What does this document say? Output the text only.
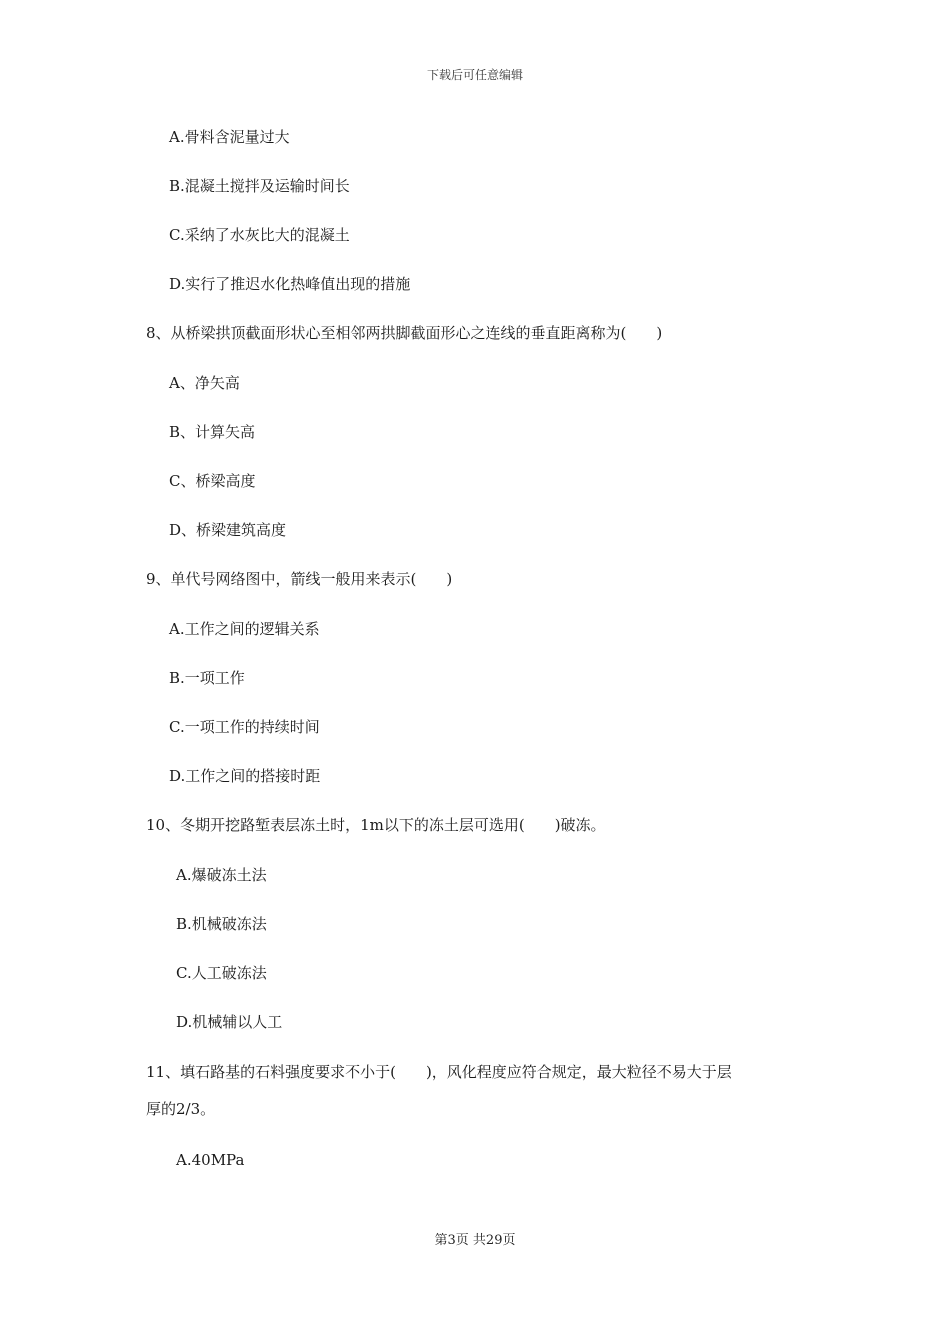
下载后可任意编辑
A.骨料含泥量过大
B.混凝土搅拌及运输时间长
C.采纳了水灰比大的混凝土
D.实行了推迟水化热峰值出现的措施
8、从桥梁拱顶截面形状心至相邻两拱脚截面形心之连线的垂直距离称为(　　)
A、净矢高
B、计算矢高
C、桥梁高度
D、桥梁建筑高度
9、单代号网络图中，箭线一般用来表示(　　)
A.工作之间的逻辑关系
B.一项工作
C.一项工作的持续时间
D.工作之间的搭接时距
10、冬期开挖路堑表层冻土时，1m以下的冻土层可选用(　　)破冻。
A.爆破冻土法
B.机械破冻法
C.人工破冻法
D.机械辅以人工
11、填石路基的石料强度要求不小于(　　)，风化程度应符合规定，最大粒径不易大于层
厚的2/3。
A.40MPa
第3页 共29页
